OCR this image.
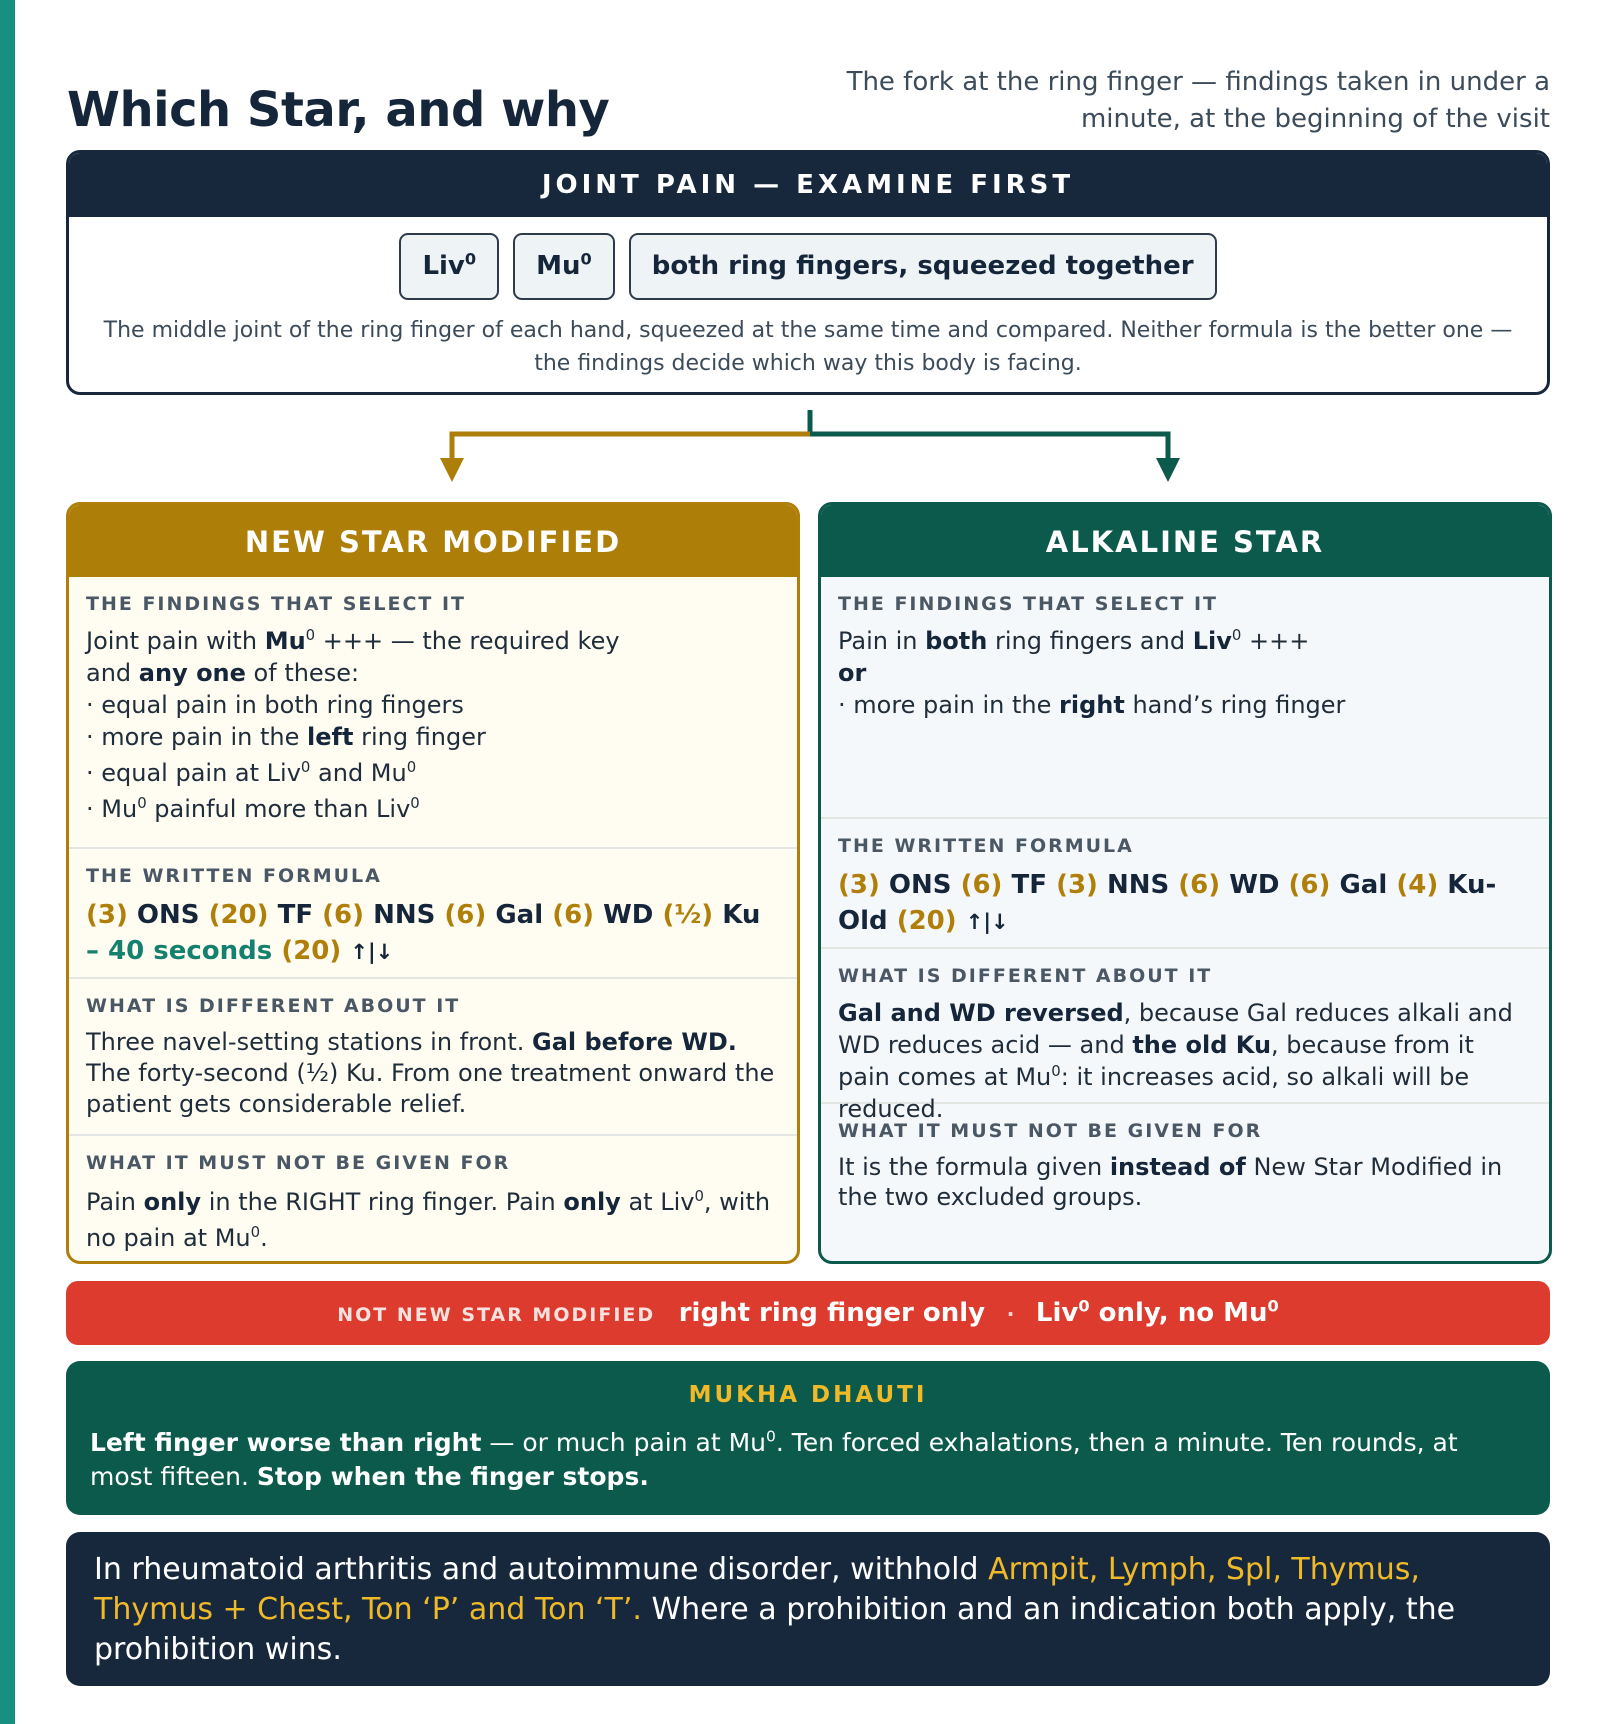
Which Star, and why	The fork at the ring finger — findings taken in under a minute, at the beginning of the visit

JOINT PAIN — EXAMINE FIRST
Liv$^0$	Mu$^0$	both ring fingers, squeezed together

The middle joint of the ring finger of each hand, squeezed at the same time and compared. Neither formula is the better one — the findings decide which way this body is facing.

NEW STAR MODIFIED
THE FINDINGS THAT SELECT IT
Joint pain with $Mu^0$ +++ — the required key
and any one of these:
· equal pain in both ring fingers
· more pain in the left ring finger
· equal pain at Liv$^0$ and $Mu^0$
· $Mu^0$ painful more than Liv$^0$
THE WRITTEN FORMULA
(3) ONS (20) TF (6) NNS (6) Gal (6) WD (½) Ku – 40 seconds (20) ↑|↓
WHAT IS DIFFERENT ABOUT IT
Three navel-setting stations in front. Gal before WD. The forty-second (½) Ku. From one treatment onward the patient gets considerable relief.
WHAT IT MUST NOT BE GIVEN FOR
Pain only in the RIGHT ring finger. Pain only at Liv$^0$, with no pain at Mu$^0$.
ALKALINE STAR
THE FINDINGS THAT SELECT IT
Pain in both ring fingers and Liv$^0$ +++
or
· more pain in the right hand’s ring finger
THE WRITTEN FORMULA
(3) ONS (6) TF (3) NNS (6) WD (6) Gal (4) Ku-Old (20) ↑|↓
WHAT IS DIFFERENT ABOUT IT
Gal and WD reversed, because Gal reduces alkali and WD reduces acid — and the old Ku, because from it pain comes at Mu$^0$: it increases acid, so alkali will be reduced.
WHAT IT MUST NOT BE GIVEN FOR
It is the formula given instead of New Star Modified in the two excluded groups.
NOT NEW STAR MODIFIED right ring finger only · Liv$^0$ only, no Mu$^0$
MUKHA DHAUTI
Left finger worse than right — or much pain at Mu$^0$. Ten forced exhalations, then a minute. Ten rounds, at most fifteen. Stop when the finger stops.
In rheumatoid arthritis and autoimmune disorder, withhold Armpit, Lymph, Spl, Thymus, Thymus + Chest, Ton ‘P’ and Ton ‘T’. Where a prohibition and an indication both apply, the prohibition wins.
